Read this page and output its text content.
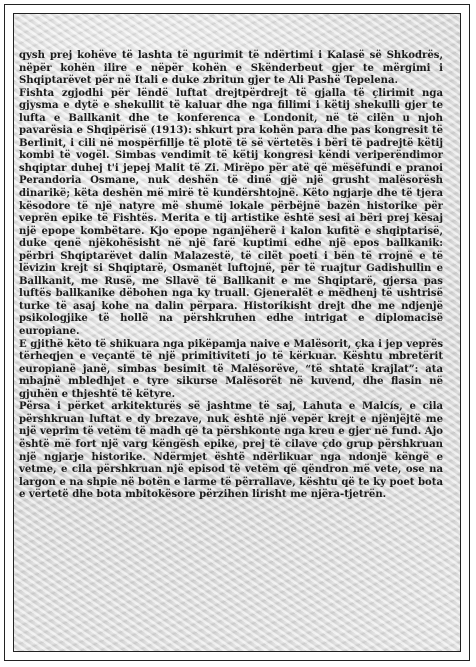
qysh prej kohëve të lashta të ngurimit të ndërtimi i Kalasë së Shkodrës, nëpër kohën ilire e nëpër kohën e Skënderbeut gjer te mërgimi i Shqiptarëvet për në Itali e duke zbritun gjer te Ali Pashë Tepelena.

Fishta zgjodhi për lëndë luftat drejtpërdrejt të gjalla të çlirimit nga gjysma e dytë e shekullit të kaluar dhe nga fillimi i këtij shekulli gjer te lufta e Ballkanit dhe te konferenca e Londonit, në të cilën u njoh pavarësia e Shqipërisë (1913): shkurt pra kohën para dhe pas kongresit të Berlinit, i cili në mospërfillje të plotë të së vërtetës i bëri të padrejtë këtij kombi të vogël. Simbas vendimit të këtij kongresi këndi veriperëndimor shqiptar duhej t'i jepej Malit të Zi. Mirëpo për atë që mësëfundi e pranoi Perandoria Osmane, nuk deshën të dinë gjë një grusht malësorësh dinarikë; këta deshën më mirë të kundërshtojnë. Këto ngjarje dhe të tjera kësodore të një natyre më shumë lokale përbëjnë bazën historike për veprën epike të Fishtës. Merita e tij artistike është sesi ai bëri prej kësaj një epope kombëtare. Kjo epope nganjëherë i kalon kufitë e shqiptarisë, duke qenë njëkohësisht në një farë kuptimi edhe një epos ballkanik: përbri Shqiptarëvet dalin Malazestë, të cilët poeti i bën të rrojnë e të lëvizin krejt si Shqiptarë, Osmanët luftojnë, për të ruajtur Gadishullin e Ballkanit, me Rusë, me Sllavë të Ballkanit e me Shqiptarë, gjersa pas luftës ballkanike dëbohen nga ky truall. Gjeneralët e mëdhenj të ushtrisë turke të asaj kohe na dalin përpara. Historikisht drejt dhe me ndjenjë psikologjike të hollë na përshkruhen edhe intrigat e diplomacisë europiane.

E gjithë këto të shikuara nga pikëpamja naive e Malësorit, çka i jep veprës tërheqjen e veçantë të një primitiviteti jo të kërkuar. Kështu mbretërit europianë janë, simbas besimit të Malësorëve, “të shtatë krajlat”: ata mbajnë mbledhjet e tyre sikurse Malësorët në kuvend, dhe flasin në gjuhën e thjeshtë të këtyre.

Përsa i përket arkitekturës së jashtme të saj, Lahuta e Malcís, e cila përshkruan luftat e dy brezave, nuk është një vepër krejt e njënjëjtë me një veprim të vetëm të madh që ta përshkonte nga kreu e gjer në fund. Ajo është më fort një varg këngësh epike, prej të cilave çdo grup përshkruan një ngjarje historike. Ndërmjet është ndërlikuar nga ndonjë këngë e vetme, e cila përshkruan një episod të vetëm që qëndron më vete, ose na largon e na shpie në botën e larme të përrallave, kështu që te ky poet bota e vërtetë dhe bota mbitokësore përzihen lirisht me njëra-tjetrën.
